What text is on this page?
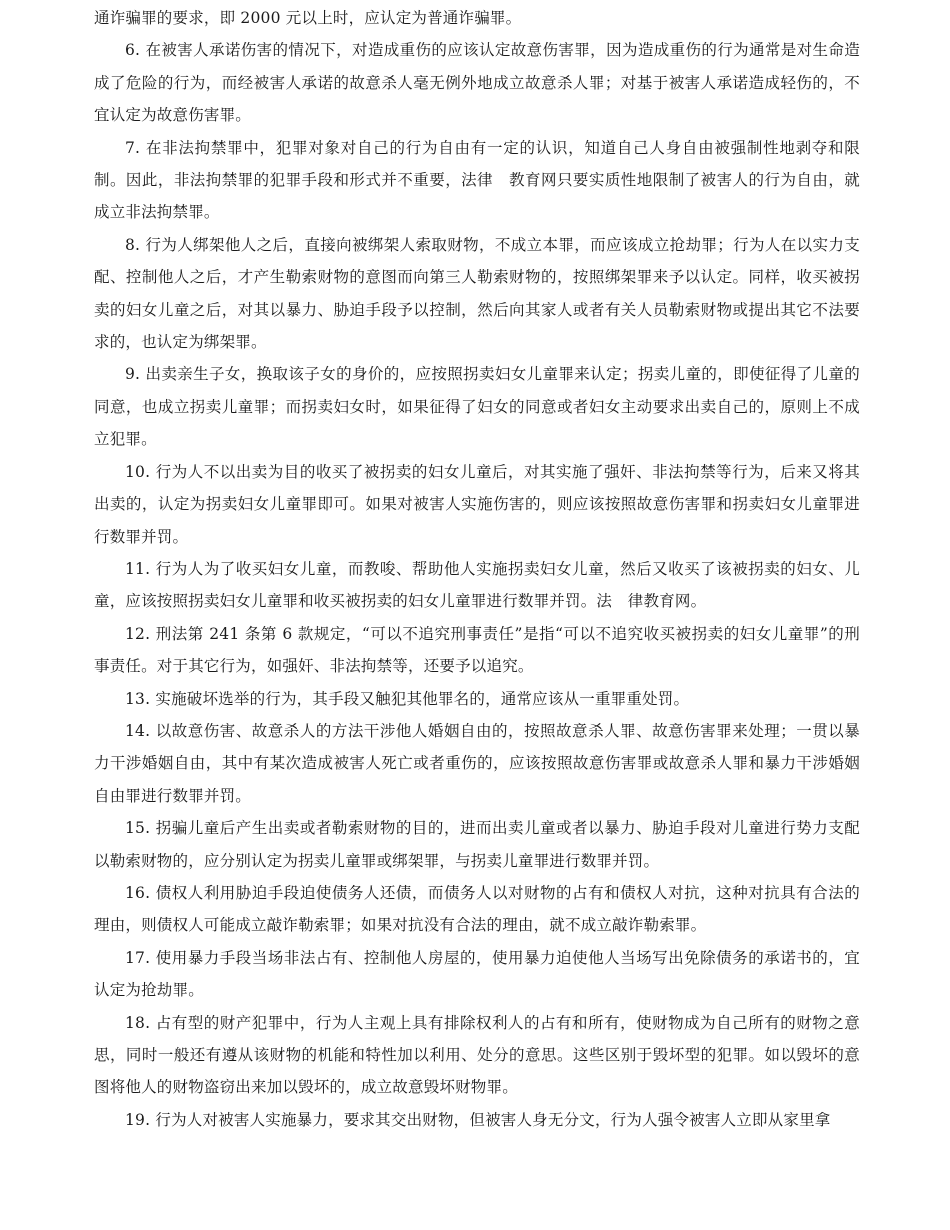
通诈骗罪的要求，即 2000 元以上时，应认定为普通诈骗罪。

6. 在被害人承诺伤害的情况下，对造成重伤的应该认定故意伤害罪，因为造成重伤的行为通常是对生命造成了危险的行为，而经被害人承诺的故意杀人毫无例外地成立故意杀人罪；对基于被害人承诺造成轻伤的，不宜认定为故意伤害罪。

7. 在非法拘禁罪中，犯罪对象对自己的行为自由有一定的认识，知道自己人身自由被强制性地剥夺和限制。因此，非法拘禁罪的犯罪手段和形式并不重要，法律　教育网只要实质性地限制了被害人的行为自由，就成立非法拘禁罪。

8. 行为人绑架他人之后，直接向被绑架人索取财物，不成立本罪，而应该成立抢劫罪；行为人在以实力支配、控制他人之后，才产生勒索财物的意图而向第三人勒索财物的，按照绑架罪来予以认定。同样，收买被拐卖的妇女儿童之后，对其以暴力、胁迫手段予以控制，然后向其家人或者有关人员勒索财物或提出其它不法要求的，也认定为绑架罪。

9. 出卖亲生子女，换取该子女的身价的，应按照拐卖妇女儿童罪来认定；拐卖儿童的，即使征得了儿童的同意，也成立拐卖儿童罪；而拐卖妇女时，如果征得了妇女的同意或者妇女主动要求出卖自己的，原则上不成立犯罪。

10. 行为人不以出卖为目的收买了被拐卖的妇女儿童后，对其实施了强奸、非法拘禁等行为，后来又将其出卖的，认定为拐卖妇女儿童罪即可。如果对被害人实施伤害的，则应该按照故意伤害罪和拐卖妇女儿童罪进行数罪并罚。

11. 行为人为了收买妇女儿童，而教唆、帮助他人实施拐卖妇女儿童，然后又收买了该被拐卖的妇女、儿童，应该按照拐卖妇女儿童罪和收买被拐卖的妇女儿童罪进行数罪并罚。法　律教育网。

12. 刑法第 241 条第 6 款规定，“可以不追究刑事责任”是指“可以不追究收买被拐卖的妇女儿童罪”的刑事责任。对于其它行为，如强奸、非法拘禁等，还要予以追究。

13. 实施破坏选举的行为，其手段又触犯其他罪名的，通常应该从一重罪重处罚。

14. 以故意伤害、故意杀人的方法干涉他人婚姻自由的，按照故意杀人罪、故意伤害罪来处理；一贯以暴力干涉婚姻自由，其中有某次造成被害人死亡或者重伤的，应该按照故意伤害罪或故意杀人罪和暴力干涉婚姻自由罪进行数罪并罚。

15. 拐骗儿童后产生出卖或者勒索财物的目的，进而出卖儿童或者以暴力、胁迫手段对儿童进行势力支配以勒索财物的，应分别认定为拐卖儿童罪或绑架罪，与拐卖儿童罪进行数罪并罚。

16. 债权人利用胁迫手段迫使债务人还债，而债务人以对财物的占有和债权人对抗，这种对抗具有合法的理由，则债权人可能成立敲诈勒索罪；如果对抗没有合法的理由，就不成立敲诈勒索罪。

17. 使用暴力手段当场非法占有、控制他人房屋的，使用暴力迫使他人当场写出免除债务的承诺书的，宜认定为抢劫罪。

18. 占有型的财产犯罪中，行为人主观上具有排除权利人的占有和所有，使财物成为自己所有的财物之意思，同时一般还有遵从该财物的机能和特性加以利用、处分的意思。这些区别于毁坏型的犯罪。如以毁坏的意图将他人的财物盗窃出来加以毁坏的，成立故意毁坏财物罪。

19. 行为人对被害人实施暴力，要求其交出财物，但被害人身无分文，行为人强令被害人立即从家里拿
